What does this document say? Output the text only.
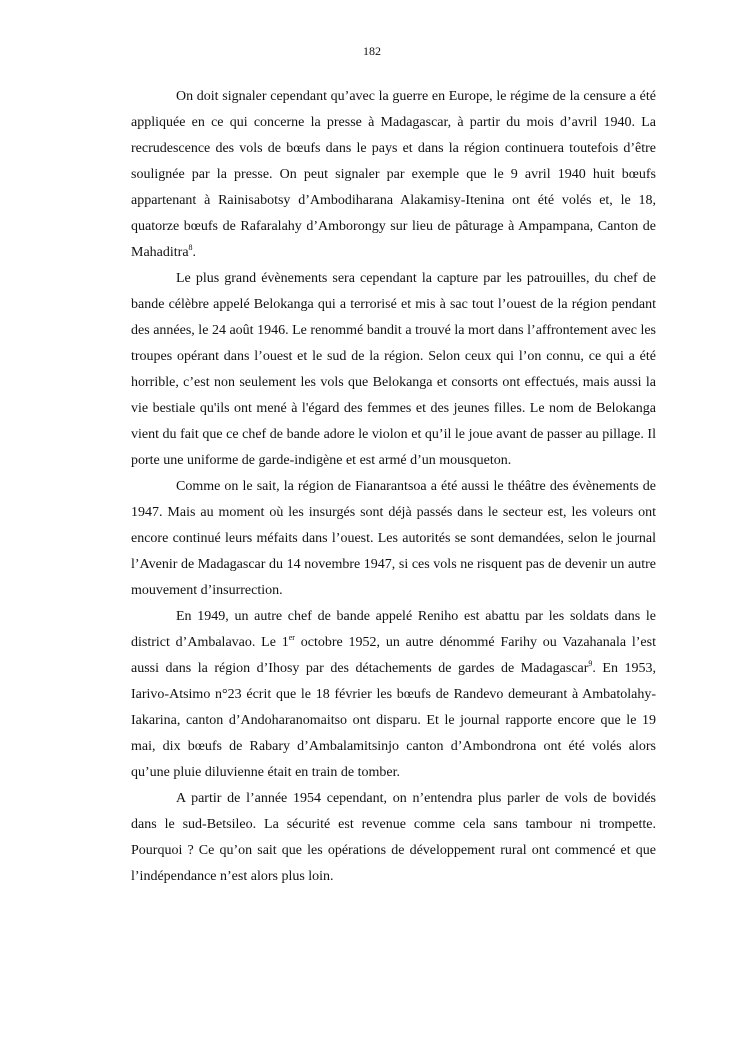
182

On doit signaler cependant qu’avec la guerre en Europe, le régime de la censure a été appliquée en ce qui concerne la presse à Madagascar, à partir du mois d’avril 1940. La recrudescence des vols de bœufs dans le pays et dans la région continuera toutefois d’être soulignée par la presse. On peut signaler par exemple que le 9 avril 1940 huit bœufs appartenant à Rainisabotsy d’Ambodiharana Alakamisy-Itenina ont été volés et, le 18, quatorze bœufs de Rafaralahy d’Amborongy sur lieu de pâturage à Ampampana, Canton de Mahaditra$^8$.

Le plus grand évènements sera cependant la capture par les patrouilles, du chef de bande célèbre appelé Belokanga qui a terrorisé et mis à sac tout l’ouest de la région pendant des années, le 24 août 1946. Le renommé bandit a trouvé la mort dans l’affrontement avec les troupes opérant dans l’ouest et le sud de la région. Selon ceux qui l’on connu, ce qui a été horrible, c’est non seulement les vols que Belokanga et consorts ont effectués, mais aussi la vie bestiale qu'ils ont mené à l'égard des femmes et des jeunes filles. Le nom de Belokanga vient du fait que ce chef de bande adore le violon et qu’il le joue avant de passer au pillage. Il porte une uniforme de garde-indigène et est armé d’un mousqueton.

Comme on le sait, la région de Fianarantsoa a été aussi le théâtre des évènements de 1947. Mais au moment où les insurgés sont déjà passés dans le secteur est, les voleurs ont encore continué leurs méfaits dans l’ouest. Les autorités se sont demandées, selon le journal l’Avenir de Madagascar du 14 novembre 1947, si ces vols ne risquent pas de devenir un autre mouvement d’insurrection.

En 1949, un autre chef de bande appelé Reniho est abattu par les soldats dans le district d’Ambalavao. Le 1er octobre 1952, un autre dénommé Farihy ou Vazahanala l’est aussi dans la région d’Ihosy par des détachements de gardes de Madagascar$^9$. En 1953, Iarivo-Atsimo n°23 écrit que le 18 février les bœufs de Randevo demeurant à Ambatolahy-Iakarina, canton d’Andoharanomaitso ont disparu. Et le journal rapporte encore que le 19 mai, dix bœufs de Rabary d’Ambalamitsinjo canton d’Ambondrona ont été volés alors qu’une pluie diluvienne était en train de tomber.

A partir de l’année 1954 cependant, on n’entendra plus parler de vols de bovidés dans le sud-Betsileo. La sécurité est revenue comme cela sans tambour ni trompette. Pourquoi ? Ce qu’on sait que les opérations de développement rural ont commencé et que l’indépendance n’est alors plus loin.
